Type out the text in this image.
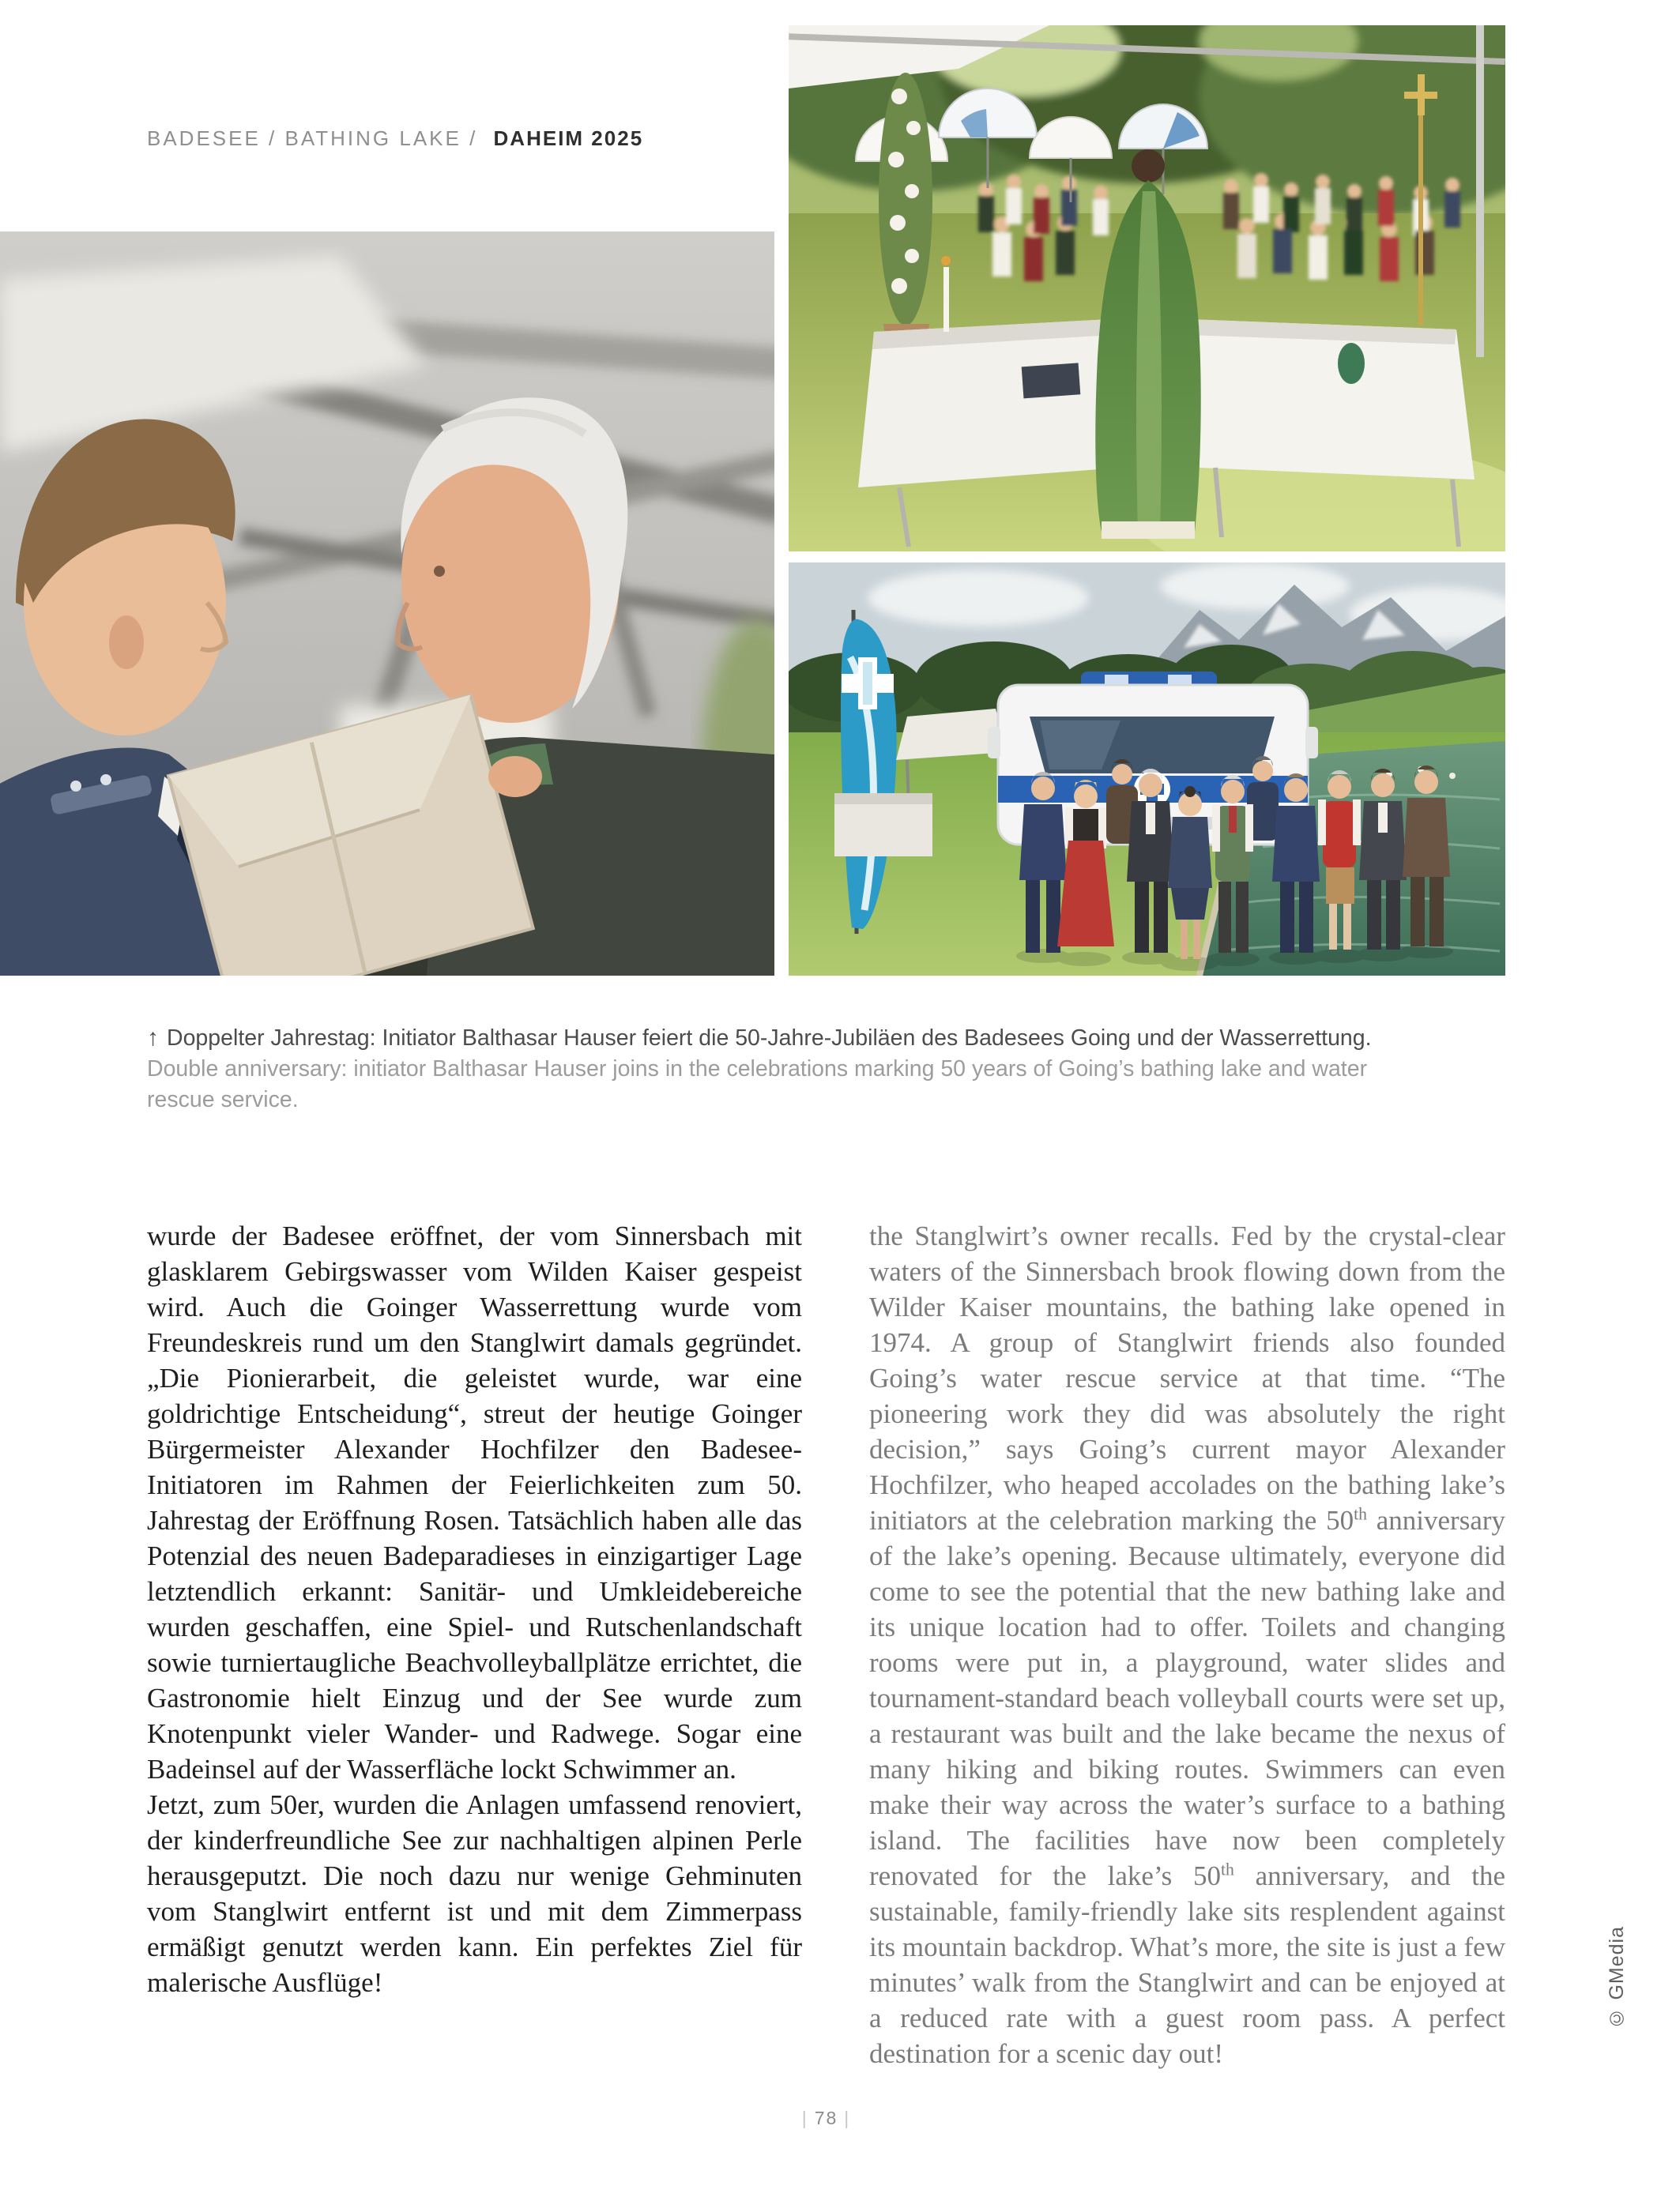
BADESEE / BATHING LAKE / DAHEIM 2025
↑ Doppelter Jahrestag: Initiator Balthasar Hauser feiert die 50-Jahre-Jubiläen des Badesees Going und der Wasserrettung.
Double anniversary: initiator Balthasar Hauser joins in the celebrations marking 50 years of Going’s bathing lake and water rescue service.

wurde der Badesee eröffnet, der vom Sinnersbach mit glasklarem Gebirgswasser vom Wilden Kaiser gespeist wird. Auch die Goinger Wasserrettung wurde vom Freundeskreis rund um den Stanglwirt damals gegründet. „Die Pionierarbeit, die geleistet wurde, war eine goldrichtige Entscheidung“, streut der heutige Goinger Bürgermeister Alexander Hochfilzer den Badesee-Initiatoren im Rahmen der Feierlichkeiten zum 50. Jahrestag der Eröffnung Rosen. Tatsächlich haben alle das Potenzial des neuen Badeparadieses in einzigartiger Lage letztendlich erkannt: Sanitär- und Umkleidebereiche wurden geschaffen, eine Spiel- und Rutschenlandschaft sowie turniertaugliche Beachvolleyballplätze errichtet, die Gastronomie hielt Einzug und der See wurde zum Knotenpunkt vieler Wander- und Radwege. Sogar eine Badeinsel auf der Wasserfläche lockt Schwimmer an.

Jetzt, zum 50er, wurden die Anlagen umfassend renoviert, der kinderfreundliche See zur nachhaltigen alpinen Perle herausgeputzt. Die noch dazu nur wenige Gehminuten vom Stanglwirt entfernt ist und mit dem Zimmerpass ermäßigt genutzt werden kann. Ein perfektes Ziel für malerische Ausflüge!

the Stanglwirt’s owner recalls. Fed by the crystal-clear waters of the Sinnersbach brook flowing down from the Wilder Kaiser mountains, the bathing lake opened in 1974. A group of Stanglwirt friends also founded Going’s water rescue service at that time. “The pioneering work they did was absolutely the right decision,” says Going’s current mayor Alexander Hochfilzer, who heaped accolades on the bathing lake’s initiators at the celebration marking the 50th anniversary of the lake’s opening. Because ultimately, everyone did come to see the potential that the new bathing lake and its unique location had to offer. Toilets and changing rooms were put in, a playground, water slides and tournament-standard beach volleyball courts were set up, a restaurant was built and the lake became the nexus of many hiking and biking routes. Swimmers can even make their way across the water’s surface to a bathing island. The facilities have now been completely renovated for the lake’s 50th anniversary, and the sustainable, family-friendly lake sits resplendent against its mountain backdrop. What’s more, the site is just a few minutes’ walk from the Stanglwirt and can be enjoyed at a reduced rate with a guest room pass. A perfect destination for a scenic day out!

| 78 |
© GMedia
